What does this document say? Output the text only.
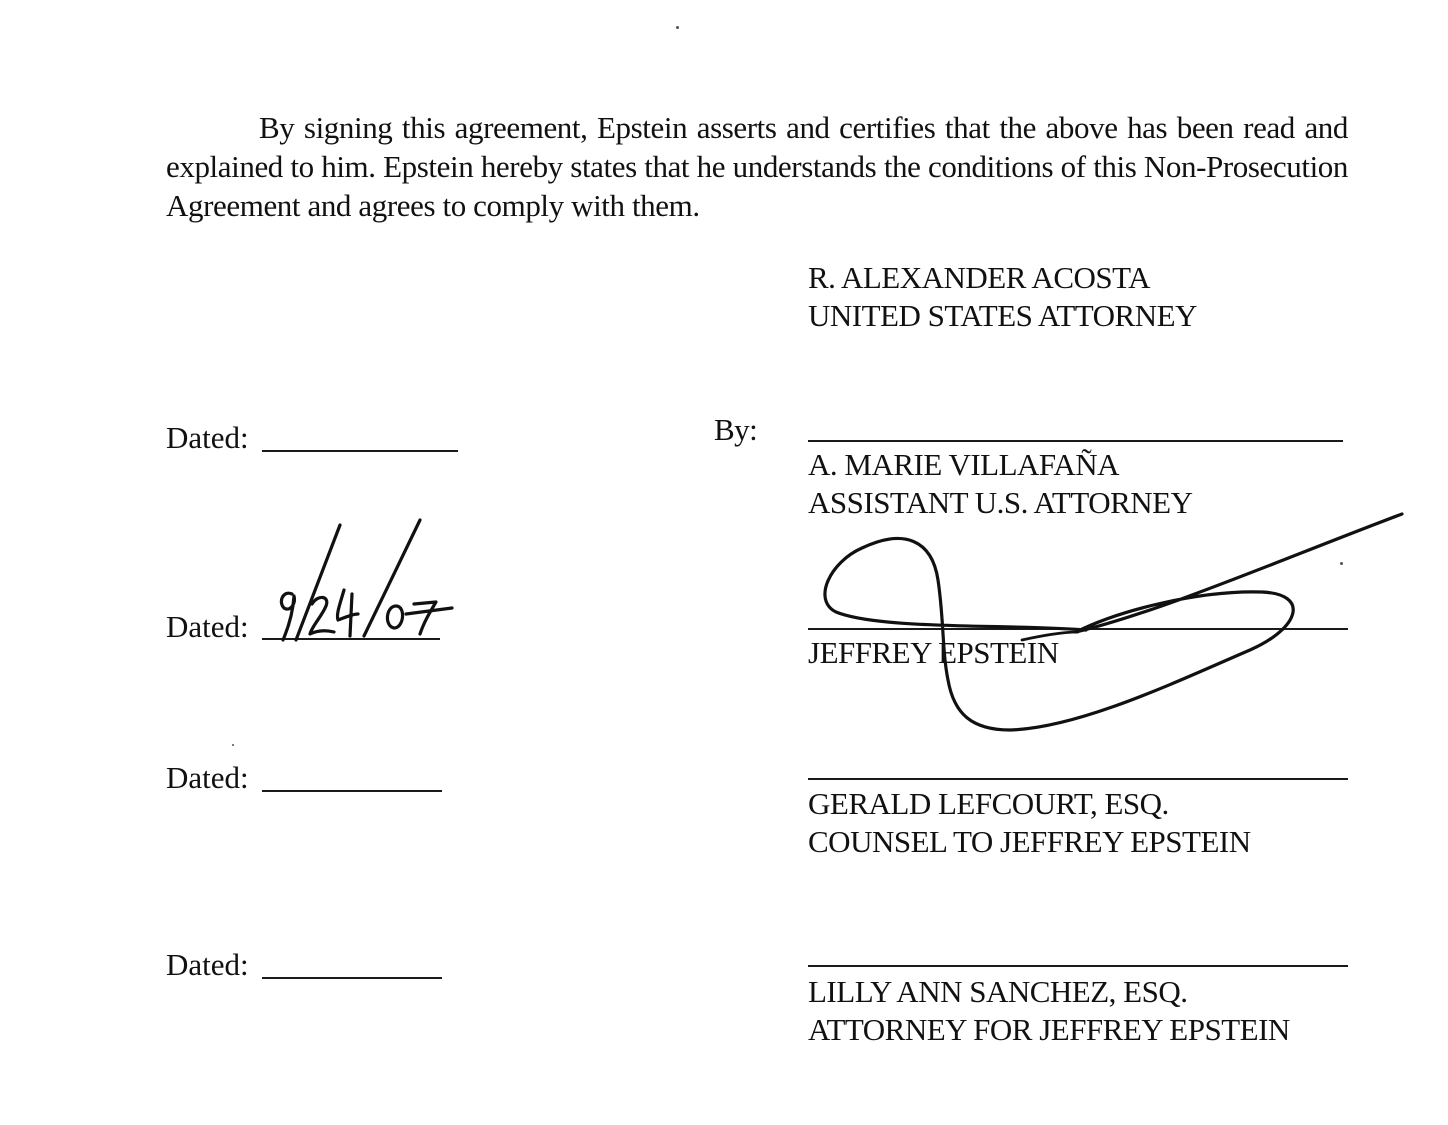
By signing this agreement, Epstein asserts and certifies that the above has been read and explained to him. Epstein hereby states that he understands the conditions of this Non-Prosecution Agreement and agrees to comply with them.

R. ALEXANDER ACOSTA
UNITED STATES ATTORNEY
Dated:	By:
A. MARIE VILLAFAÑA
ASSISTANT U.S. ATTORNEY
Dated:
JEFFREY EPSTEIN
Dated:
GERALD LEFCOURT, ESQ.
COUNSEL TO JEFFREY EPSTEIN
Dated:
LILLY ANN SANCHEZ, ESQ.
ATTORNEY FOR JEFFREY EPSTEIN
